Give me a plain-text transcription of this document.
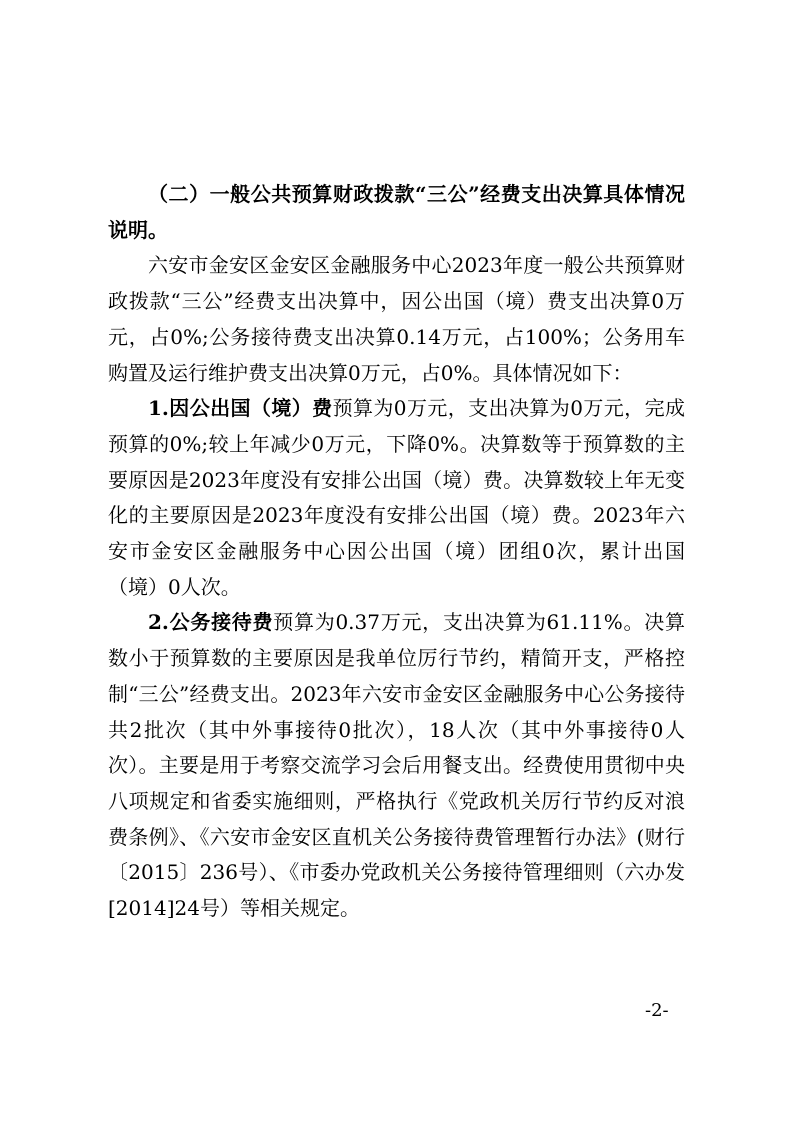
（二）一般公共预算财政拨款“三公”经费支出决算具体情况说明。

六安市金安区金安区金融服务中心2023年度一般公共预算财政拨款“三公”经费支出决算中，因公出国（境）费支出决算0万元，占0%;公务接待费支出决算0.14万元，占100%；公务用车购置及运行维护费支出决算0万元，占0%。具体情况如下：

1.因公出国（境）费预算为0万元，支出决算为0万元，完成预算的0%;较上年减少0万元，下降0%。决算数等于预算数的主要原因是2023年度没有安排公出国（境）费。决算数较上年无变化的主要原因是2023年度没有安排公出国（境）费。2023年六安市金安区金融服务中心因公出国（境）团组0次，累计出国（境）0人次。

2.公务接待费预算为0.37万元，支出决算为61.11%。决算数小于预算数的主要原因是我单位厉行节约，精简开支，严格控制“三公”经费支出。2023年六安市金安区金融服务中心公务接待共2批次（其中外事接待0批次），18人次（其中外事接待0人次）。主要是用于考察交流学习会后用餐支出。经费使用贯彻中央八项规定和省委实施细则，严格执行《党政机关厉行节约反对浪费条例》、《六安市金安区直机关公务接待费管理暂行办法》(财行〔2015〕236号）、《市委办党政机关公务接待管理细则（六办发[2014]24号）等相关规定。

-2-
